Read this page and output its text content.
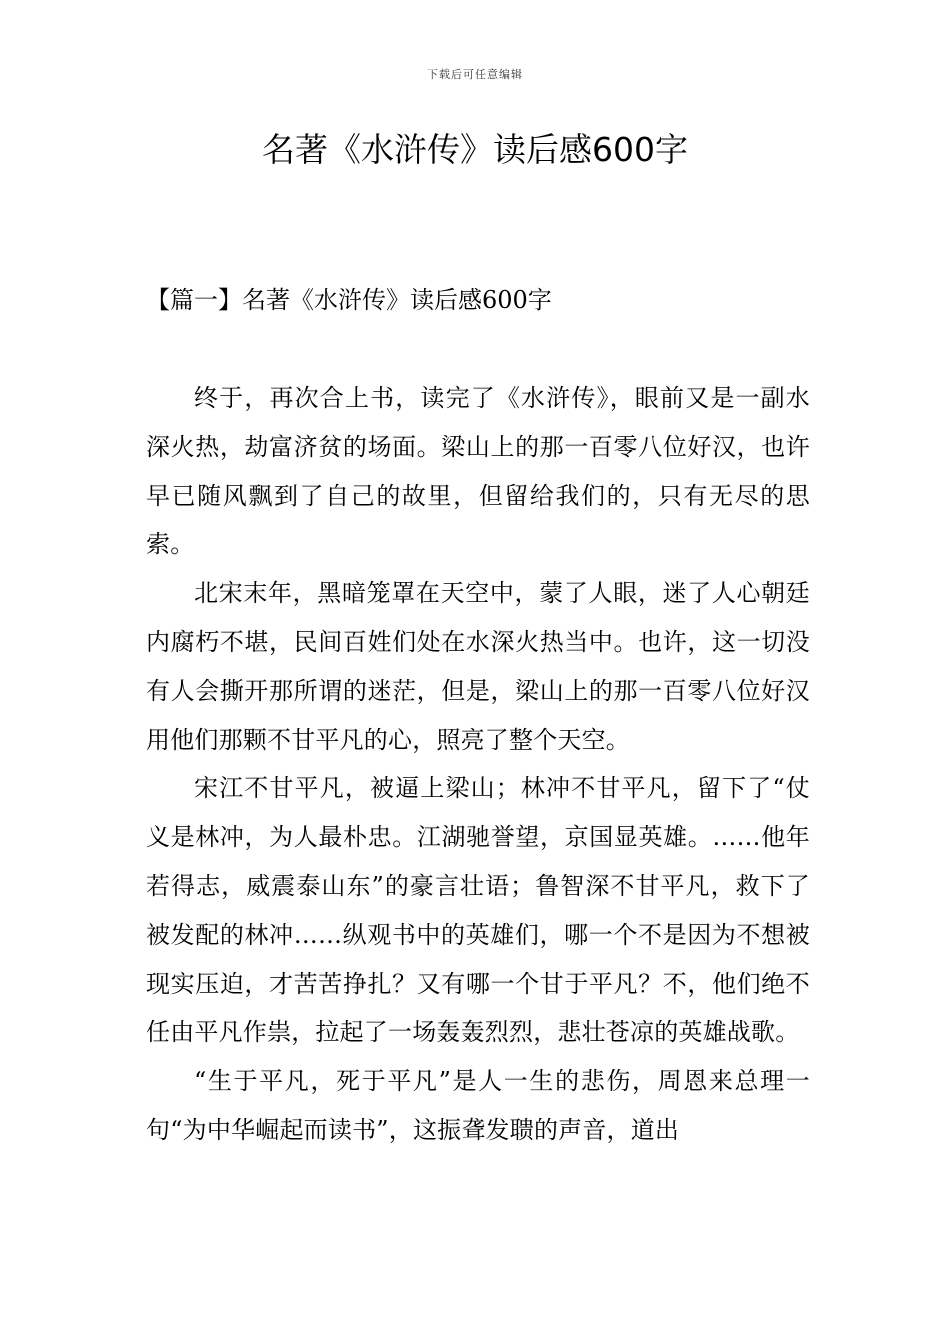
下载后可任意编辑
名著《水浒传》读后感600字
【篇一】名著《水浒传》读后感600字

终于，再次合上书，读完了《水浒传》，眼前又是一副水深火热，劫富济贫的场面。梁山上的那一百零八位好汉，也许早已随风飘到了自己的故里，但留给我们的，只有无尽的思索。

北宋末年，黑暗笼罩在天空中，蒙了人眼，迷了人心朝廷内腐朽不堪，民间百姓们处在水深火热当中。也许，这一切没有人会撕开那所谓的迷茫，但是，梁山上的那一百零八位好汉用他们那颗不甘平凡的心，照亮了整个天空。

宋江不甘平凡，被逼上梁山；林冲不甘平凡，留下了“仗义是林冲，为人最朴忠。江湖驰誉望，京国显英雄。……他年若得志，威震泰山东”的豪言壮语；鲁智深不甘平凡，救下了被发配的林冲……纵观书中的英雄们，哪一个不是因为不想被现实压迫，才苦苦挣扎？又有哪一个甘于平凡？不，他们绝不任由平凡作祟，拉起了一场轰轰烈烈，悲壮苍凉的英雄战歌。

“生于平凡，死于平凡”是人一生的悲伤，周恩来总理一句“为中华崛起而读书”，这振聋发聩的声音，道出
